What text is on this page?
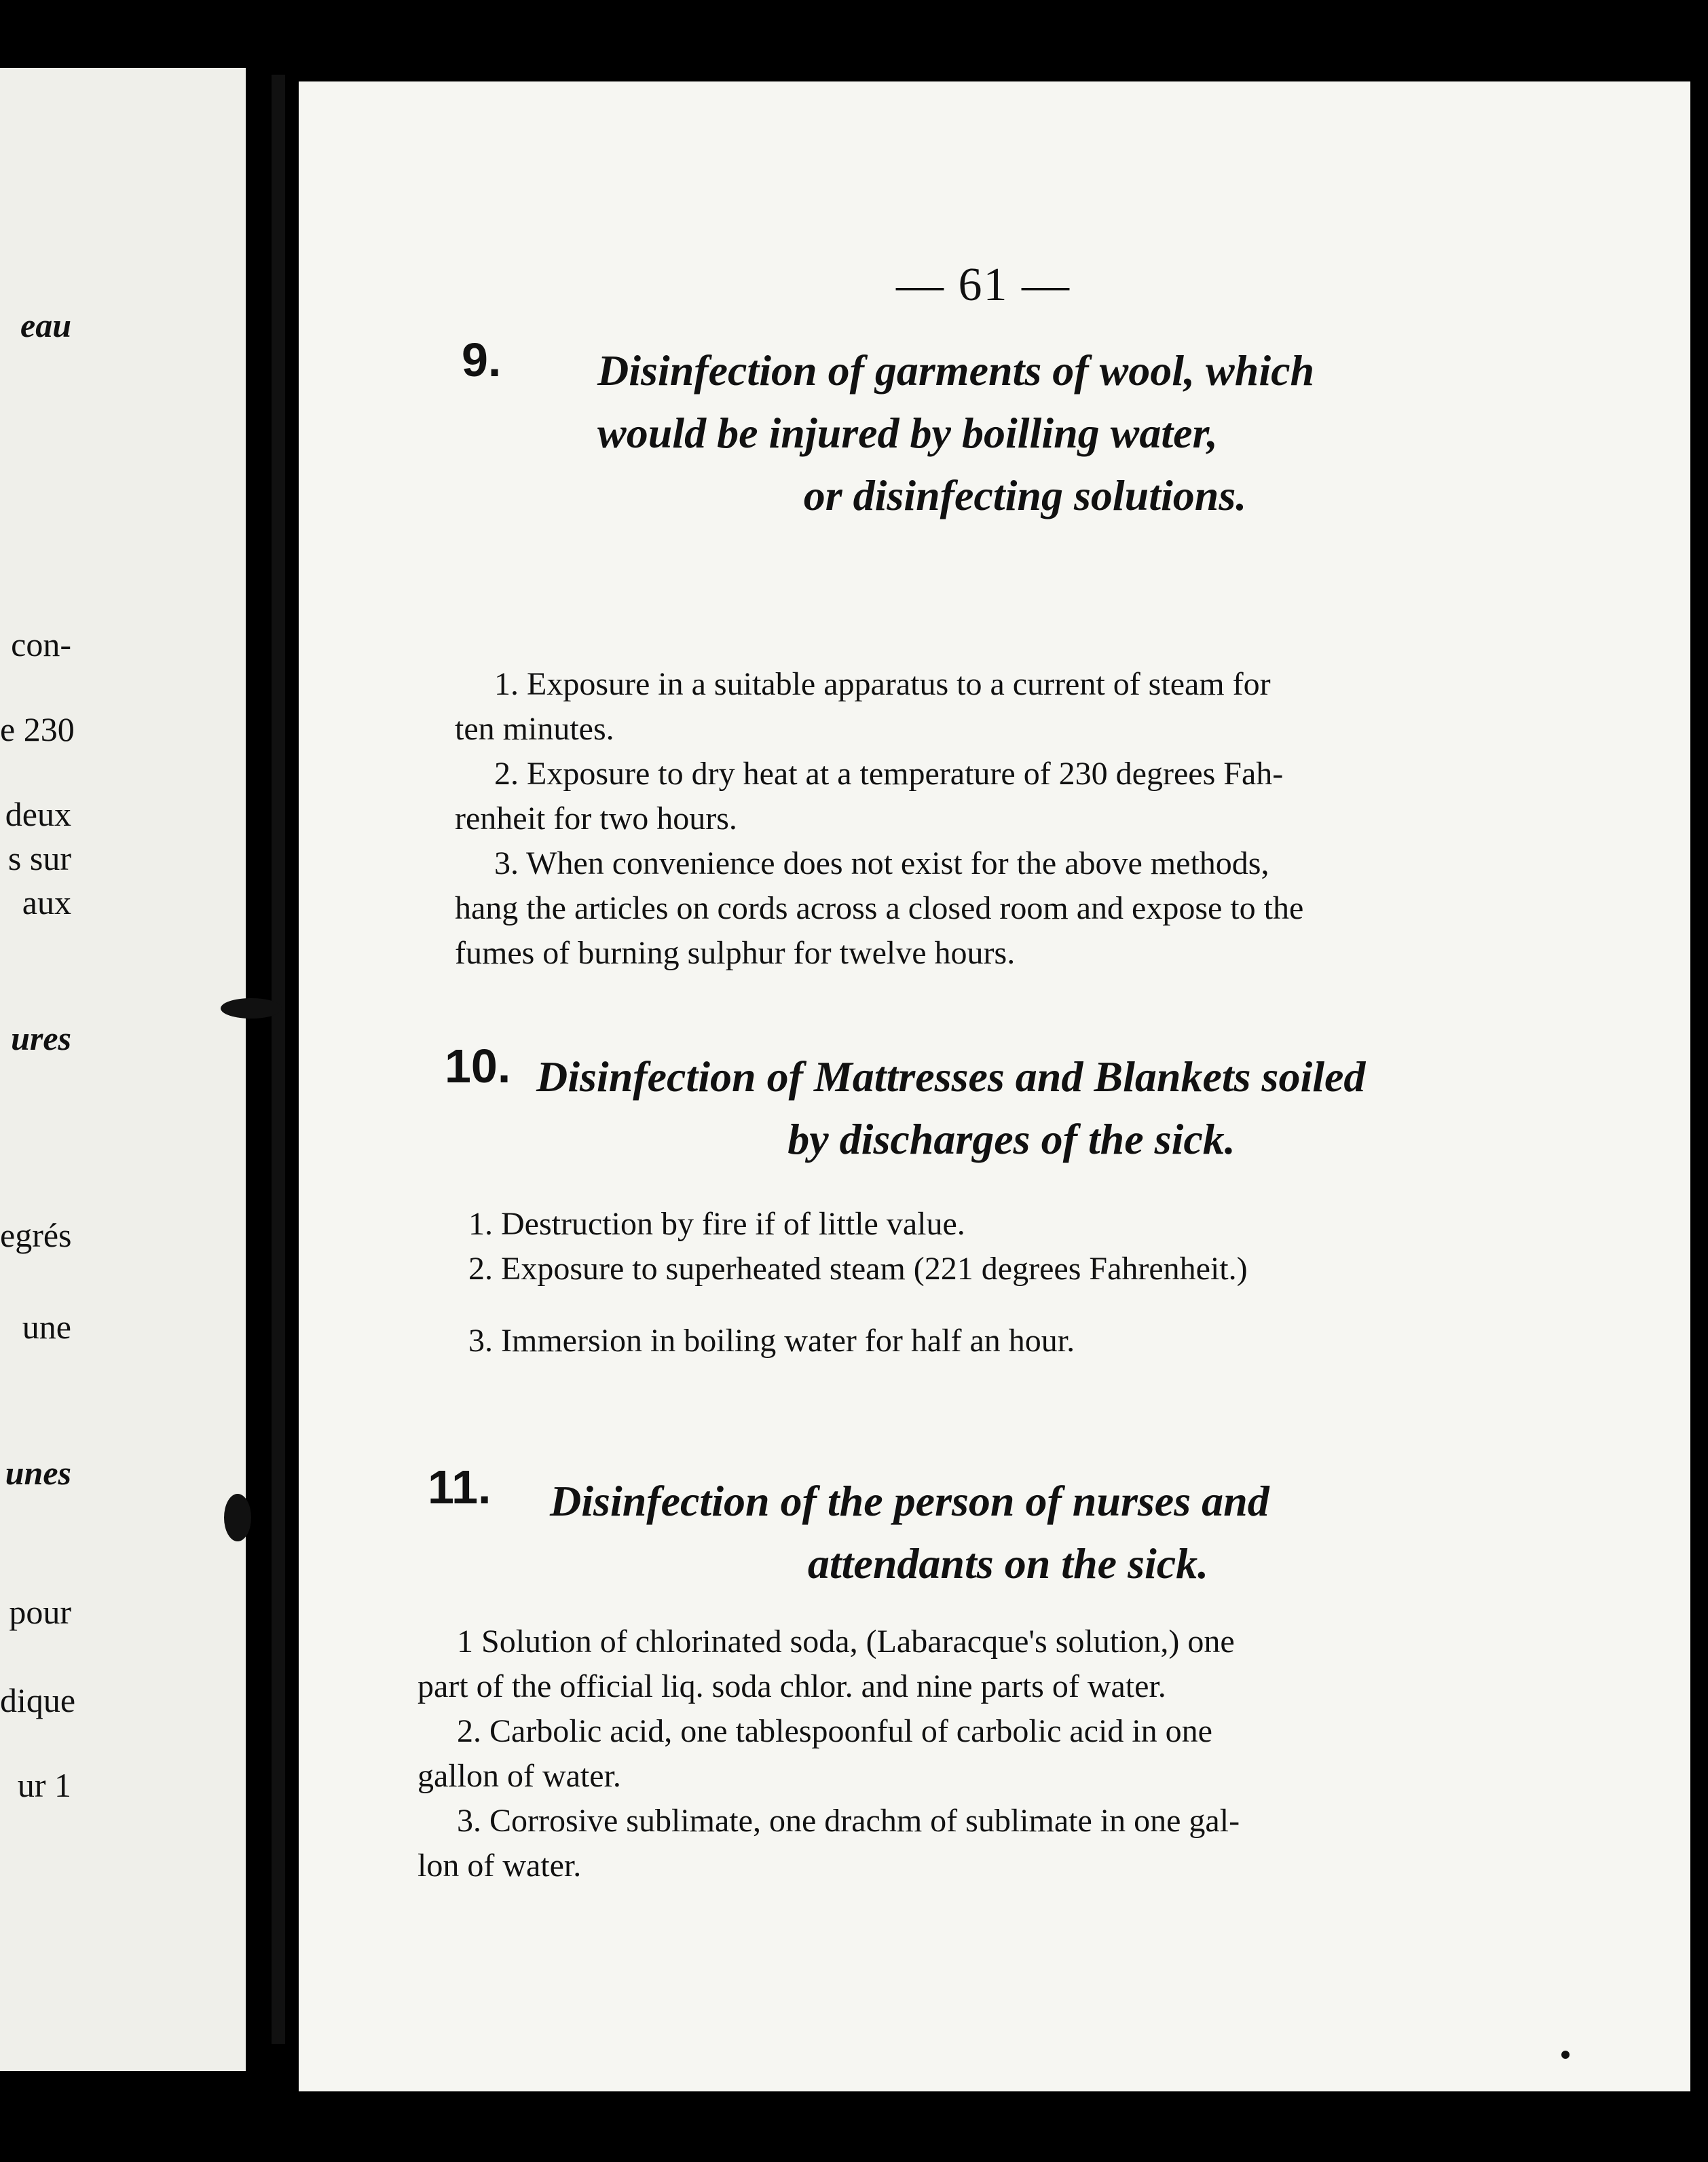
eau
con-
e 230
deux
s sur
aux
ures
egrés
une
unes
pour
dique
ur 1
— 61 —
9. Disinfection of garments of wool, which
would be injured by boilling water,
or disinfecting solutions.
1. Exposure in a suitable apparatus to a current of steam for
ten minutes.
2. Exposure to dry heat at a temperature of 230 degrees Fah-
renheit for two hours.
3. When convenience does not exist for the above methods,
hang the articles on cords across a closed room and expose to the
fumes of burning sulphur for twelve hours.
10. Disinfection of Mattresses and Blankets soiled
by discharges of the sick.
1. Destruction by fire if of little value.
2. Exposure to superheated steam (221 degrees Fahrenheit.)
3. Immersion in boiling water for half an hour.
11. Disinfection of the person of nurses and
attendants on the sick.
1 Solution of chlorinated soda, (Labaracque's solution,) one
part of the official liq. soda chlor. and nine parts of water.
2. Carbolic acid, one tablespoonful of carbolic acid in one
gallon of water.
3. Corrosive sublimate, one drachm of sublimate in one gal-
lon of water.
